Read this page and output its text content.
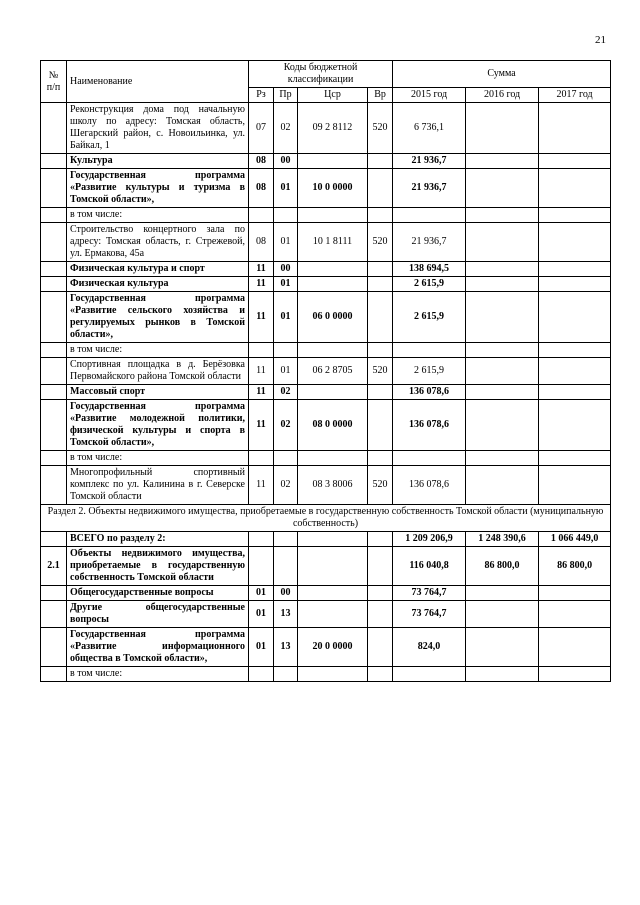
21
№
п/п	Наименование	Коды бюджетной классификации				Сумма		
		Рз	Пр	Цср	Вр	2015 год	2016 год	2017 год
	Реконструкция дома под начальную школу по адресу: Томская область, Шегарский район, с. Новоильинка, ул. Байкал, 1	07	02	09 2 8112	520	6 736,1		
	Культура	08	00			21 936,7		
	Государственная программа «Развитие культуры и туризма в Томской области»,	08	01	10 0 0000		21 936,7		
	в том числе:							
	Строительство концертного зала по адресу: Томская область, г. Стрежевой, ул. Ермакова, 45а	08	01	10 1 8111	520	21 936,7		
	Физическая культура и спорт	11	00			138 694,5		
	Физическая культура	11	01			2 615,9		
	Государственная программа «Развитие сельского хозяйства и регулируемых рынков в Томской области»,	11	01	06 0 0000		2 615,9		
	в том числе:							
	Спортивная площадка в д. Берёзовка Первомайского района Томской области	11	01	06 2 8705	520	2 615,9		
	Массовый спорт	11	02			136 078,6		
	Государственная программа «Развитие молодежной политики, физической культуры и спорта в Томской области»,	11	02	08 0 0000		136 078,6		
	в том числе:							
	Многопрофильный спортивный комплекс по ул. Калинина в г. Северске Томской области	11	02	08 3 8006	520	136 078,6		
Раздел 2. Объекты недвижимого имущества, приобретаемые в государственную собственность Томской области (муниципальную собственность)								
	ВСЕГО по разделу 2:					1 209 206,9	1 248 390,6	1 066 449,0
2.1	Объекты недвижимого имущества, приобретаемые в государственную собственность Томской области					116 040,8	86 800,0	86 800,0
	Общегосударственные вопросы	01	00			73 764,7		
	Другие общегосударственные вопросы	01	13			73 764,7		
	Государственная программа «Развитие информационного общества в Томской области»,	01	13	20 0 0000		824,0		
	в том числе:							
